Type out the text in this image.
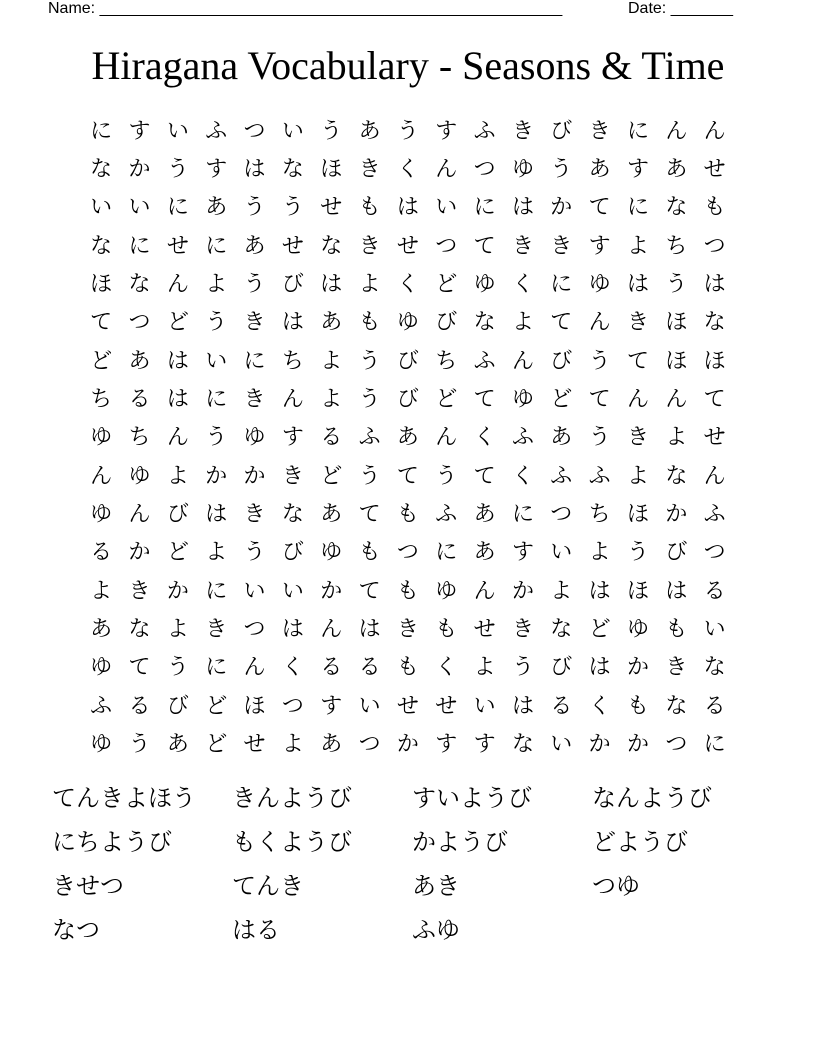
Name: ____________________________________________________	Date: _______
Hiragana Vocabulary - Seasons & Time
に す い ふ つ い う あ う す ふ き び き に ん ん
な か う す は な ほ き く ん つ ゆ う あ す あ せ
い い に あ う う せ も は い に は か て に な も
な に せ に あ せ な き せ つ て き き す よ ち つ
ほ な ん よ う び は よ く ど ゆ く に ゆ は う は
て つ ど う き は あ も ゆ び な よ て ん き ほ な
ど あ は い に ち よ う び ち ふ ん び う て ほ ほ
ち る は に き ん よ う び ど て ゆ ど て ん ん て
ゆ ち ん う ゆ す る ふ あ ん く ふ あ う き よ せ
ん ゆ よ か か き ど う て う て く ふ ふ よ な ん
ゆ ん び は き な あ て も ふ あ に つ ち ほ か ふ
る か ど よ う び ゆ も つ に あ す い よ う び つ
よ き か に い い か て も ゆ ん か よ は ほ は る
あ な よ き つ は ん は き も せ き な ど ゆ も い
ゆ て う に ん く る る も く よ う び は か き な
ふ る び ど ほ つ す い せ せ い は る く も な る
ゆ う あ ど せ よ あ つ か す す な い か か つ に
てんきよほう	きんようび	すいようび	なんようび
にちようび	もくようび	かようび	どようび
きせつ	てんき	あき	つゆ
なつ	はる	ふゆ
